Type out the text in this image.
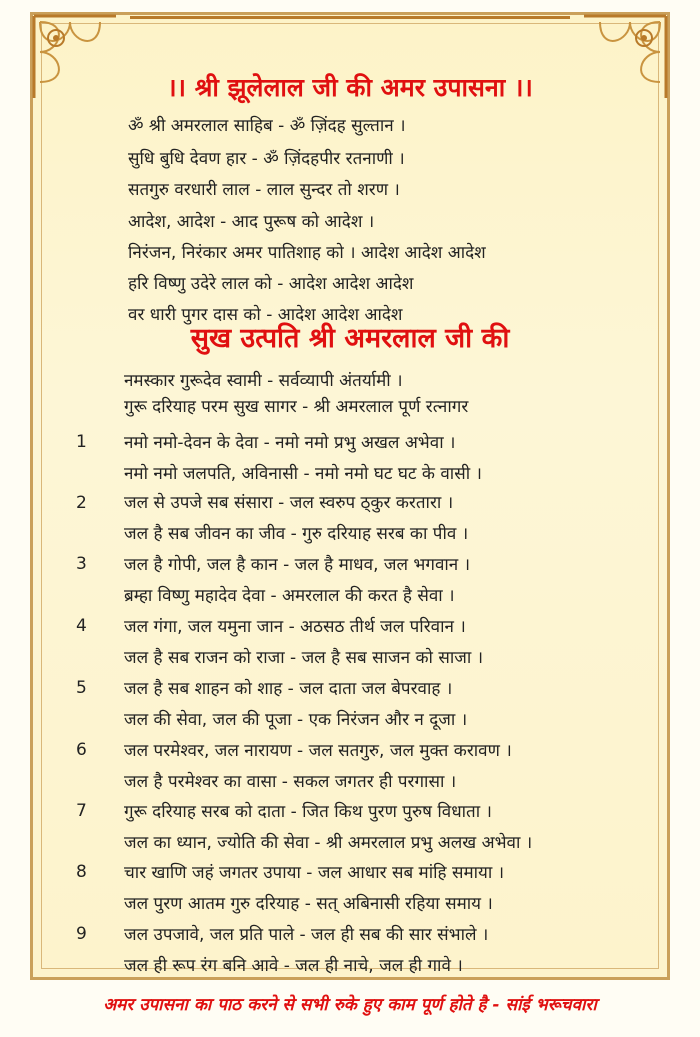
।। श्री झूलेलाल जी की अमर उपासना ।।
ॐ श्री अमरलाल साहिब - ॐ ज़िंदह सुल्तान ।
सुधि बुधि देवण हार - ॐ ज़िंदहपीर रतनाणी ।
सतगुरु वरधारी लाल - लाल सुन्दर तो शरण ।
आदेश, आदेश - आद पुरूष को आदेश ।
निरंजन, निरंकार अमर पातिशाह को । आदेश आदेश आदेश
हरि विष्णु उदेरे लाल को - आदेश आदेश आदेश
वर धारी पुगर दास को - आदेश आदेश आदेश
सुख उत्पति श्री अमरलाल जी की
नमस्कार गुरूदेव स्वामी - सर्वव्यापी अंतर्यामी ।
गुरू दरियाह परम सुख सागर - श्री अमरलाल पूर्ण रत्नागर
1 नमो नमो-देवन के देवा - नमो नमो प्रभु अखल अभेवा ।
नमो नमो जलपति, अविनासी - नमो नमो घट घट के वासी ।
2 जल से उपजे सब संसारा - जल स्वरुप ठ्कुर करतारा ।
जल है सब जीवन का जीव - गुरु दरियाह सरब का पीव ।
3 जल है गोपी, जल है कान - जल है माधव, जल भगवान ।
ब्रम्हा विष्णु महादेव देवा - अमरलाल की करत है सेवा ।
4 जल गंगा, जल यमुना जान - अठसठ तीर्थ जल परिवान ।
जल है सब राजन को राजा - जल है सब साजन को साजा ।
5 जल है सब शाहन को शाह - जल दाता जल बेपरवाह ।
जल की सेवा, जल की पूजा - एक निरंजन और न दूजा ।
6 जल परमेश्वर, जल नारायण - जल सतगुरु, जल मुक्त करावण ।
जल है परमेश्वर का वासा - सकल जगतर ही परगासा ।
7 गुरू दरियाह सरब को दाता - जित किथ पुरण पुरुष विधाता ।
जल का ध्यान, ज्योति की सेवा - श्री अमरलाल प्रभु अलख अभेवा ।
8 चार खाणि जहं जगतर उपाया - जल आधार सब मांहि समाया ।
जल पुरण आतम गुरु दरियाह - सत् अबिनासी रहिया समाय ।
9 जल उपजावे, जल प्रति पाले - जल ही सब की सार संभाले ।
जल ही रूप रंग बनि आवे - जल ही नाचे, जल ही गावे ।
अमर उपासना का पाठ करने से सभी रुके हुए काम पूर्ण होते है - सांई भरूचवारा
